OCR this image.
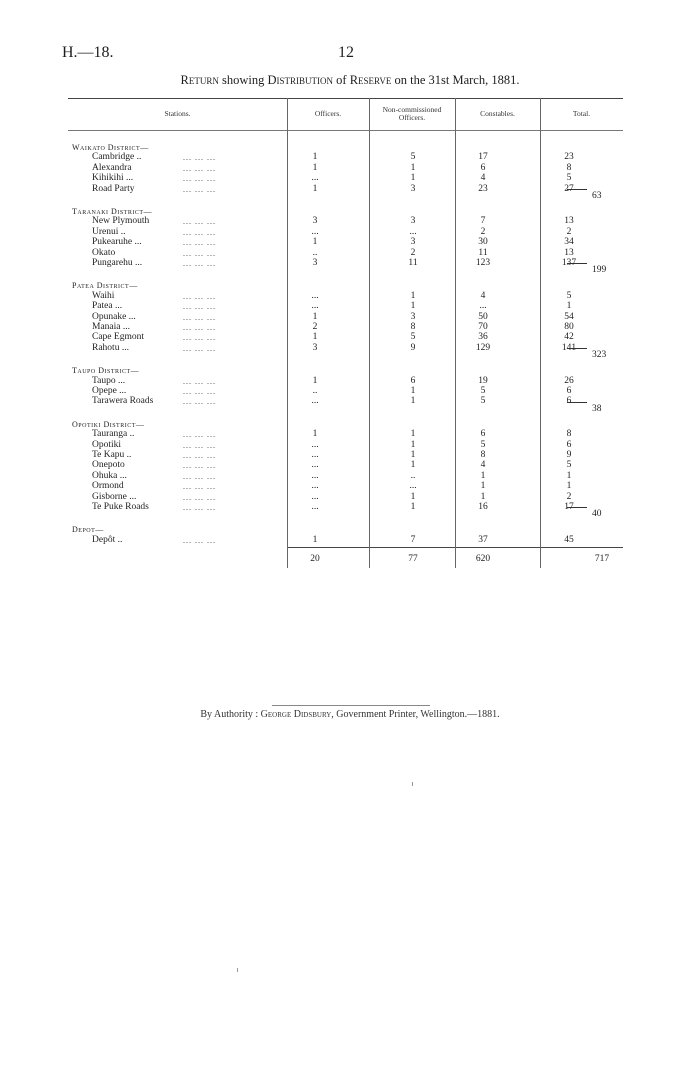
H.—18.	12
Return showing Distribution of Reserve on the 31st March, 1881.
Stations.	Officers.	Non-commissioned Officers.	Constables.	Total.
Waikato District—
Cambridge ..	... ... ...	1	5	17	23
Alexandra	... ... ...	1	1	6	8
Kihikihi ...	... ... ...	...	1	4	5
Road Party	... ... ...	1	3	23	27
63
Taranaki District—
New Plymouth	... ... ...	3	3	7	13
Urenui ..	... ... ...	...	...	2	2
Pukearuhe ...	... ... ...	1	3	30	34
Okato	... ... ...	..	2	11	13
Pungarehu ...	... ... ...	3	11	123	137
199
Patea District—
Waihi	... ... ...	...	1	4	5
Patea ...	... ... ...	...	1	...	1
Opunake ...	... ... ...	1	3	50	54
Manaia ...	... ... ...	2	8	70	80
Cape Egmont	... ... ...	1	5	36	42
Rahotu ...	... ... ...	3	9	129	141
323
Taupo District—
Taupo ...	... ... ...	1	6	19	26
Opepe ...	... ... ...	..	1	5	6
Tarawera Roads	... ... ...	...	1	5	6
38
Opotiki District—
Tauranga ..	... ... ...	1	1	6	8
Opotiki	... ... ...	...	1	5	6
Te Kapu ..	... ... ...	...	1	8	9
Onepoto	... ... ...	...	1	4	5
Ohuka ...	... ... ...	...	..	1	1
Ormond	... ... ...	...	...	1	1
Gisborne ...	... ... ...	...	1	1	2
Te Puke Roads	... ... ...	...	1	16	17
40
Depot—
Depôt ..	... ... ...	1	7	37	45
20	77	620	717
By Authority : George Didsbury, Government Printer, Wellington.—1881.
